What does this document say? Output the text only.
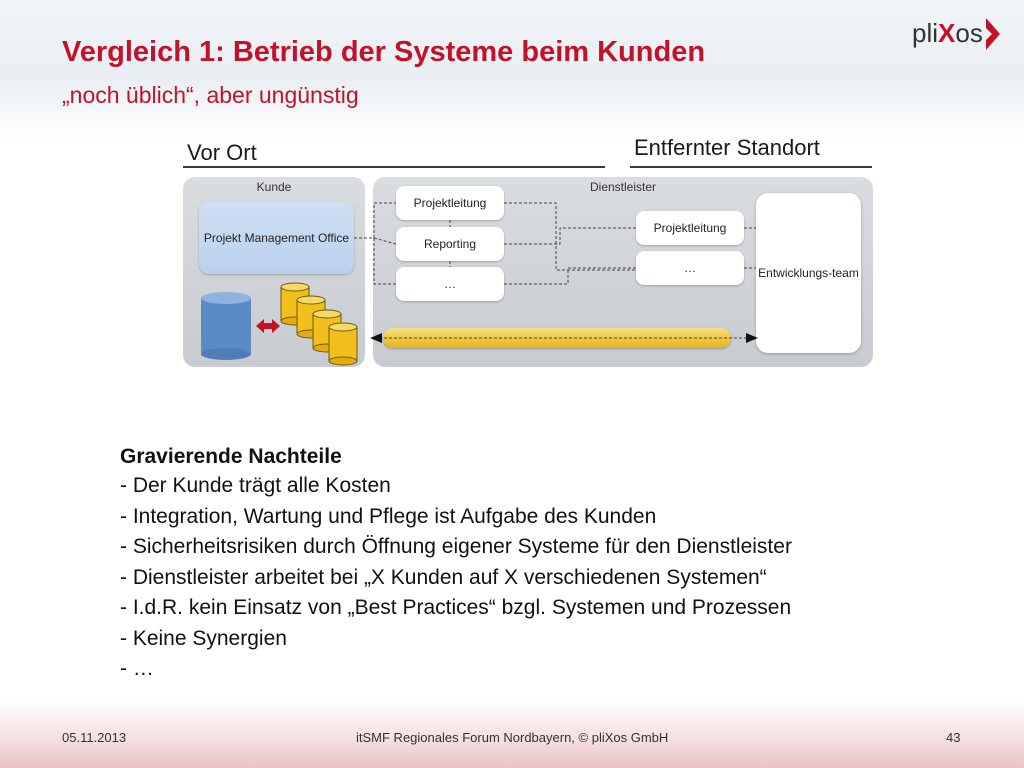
Vergleich 1: Betrieb der Systeme beim Kunden
„noch üblich“, aber ungünstig
pliXos
Vor Ort	Entfernter Standort
Kunde
Projekt Management Office
Dienstleister
Projektleitung
Reporting
…
Projektleitung
…	Entwicklungs-team
Gravierende Nachteile
- Der Kunde trägt alle Kosten
- Integration, Wartung und Pflege ist Aufgabe des Kunden
- Sicherheitsrisiken durch Öffnung eigener Systeme für den Dienstleister
- Dienstleister arbeitet bei „X Kunden auf X verschiedenen Systemen“
- I.d.R. kein Einsatz von „Best Practices“ bzgl. Systemen und Prozessen
- Keine Synergien
- …
05.11.2013	itSMF Regionales Forum Nordbayern, © pliXos GmbH	43
